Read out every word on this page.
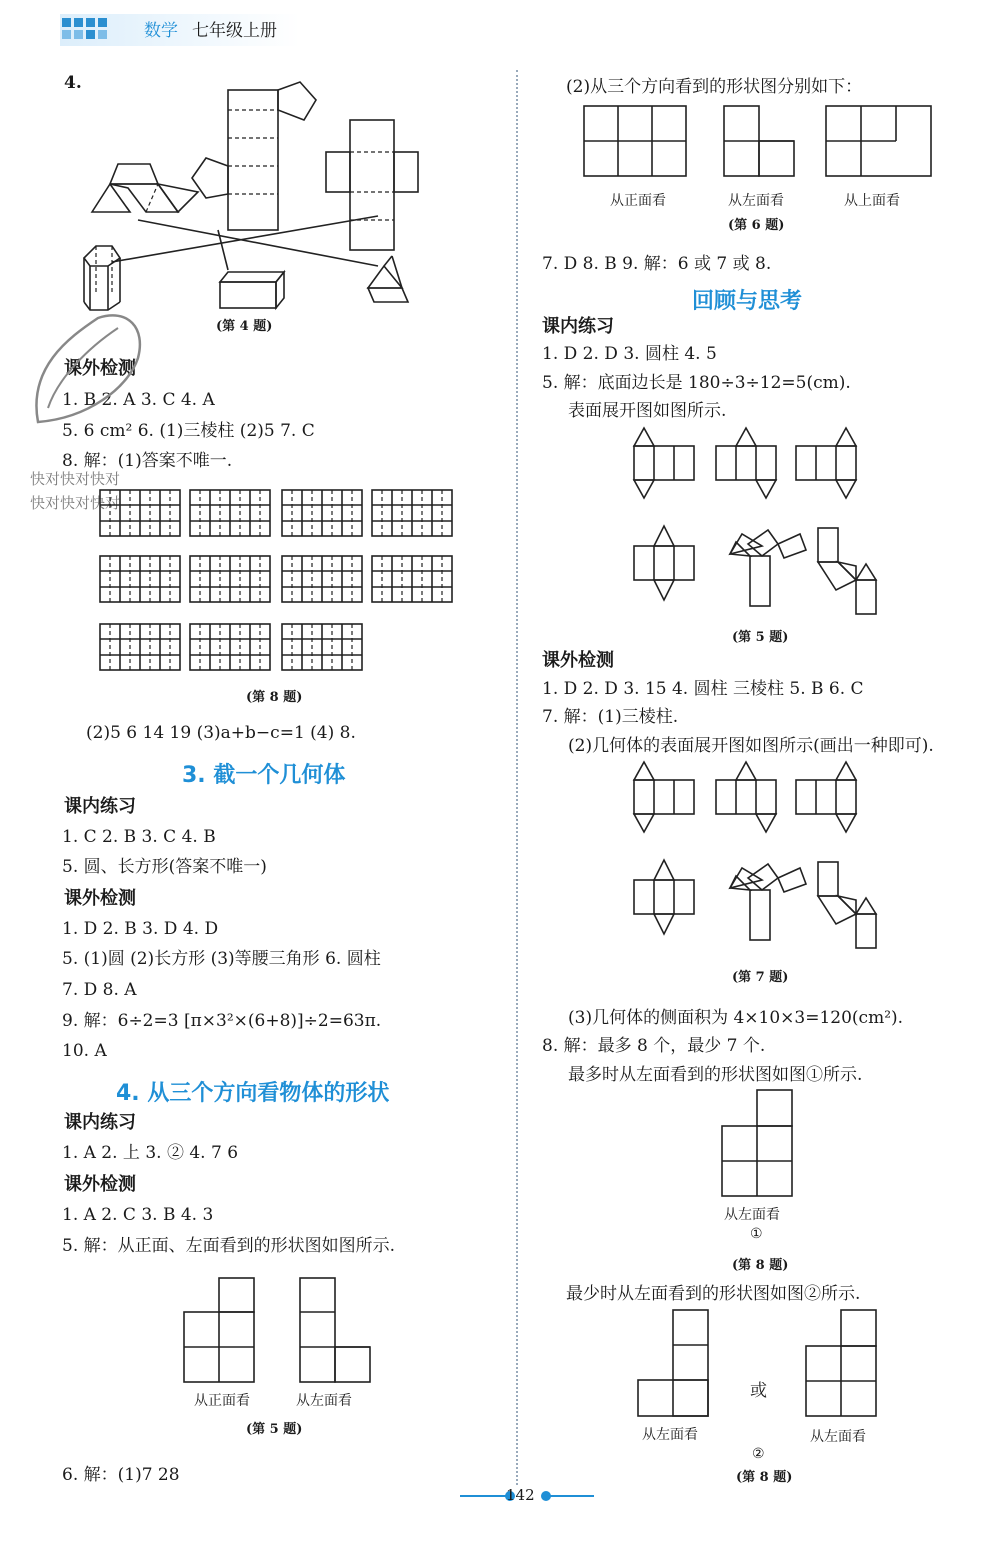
数学 七年级上册
4.
(第 4 题)
课外检测
1. B 2. A 3. C 4. A
5. 6 cm² 6. (1)三棱柱 (2)5 7. C
8. 解：(1)答案不唯一.
快对快对快对
快对快对快对
(第 8 题)
(2)5 6 14 19 (3)a+b−c=1 (4) 8.
3. 截一个几何体
课内练习
1. C 2. B 3. C 4. B
5. 圆、长方形(答案不唯一)
课外检测
1. D 2. B 3. D 4. D
5. (1)圆 (2)长方形 (3)等腰三角形 6. 圆柱
7. D 8. A
9. 解：6÷2=3 [π×3²×(6+8)]÷2=63π.
10. A
4. 从三个方向看物体的形状
课内练习
1. A 2. 上 3. ② 4. 7 6
课外检测
1. A 2. C 3. B 4. 3
5. 解：从正面、左面看到的形状图如图所示.
从正面看	从左面看
(第 5 题)
6. 解：(1)7 28
(2)从三个方向看到的形状图分别如下：
从正面看	从左面看	从上面看
(第 6 题)
7. D 8. B 9. 解：6 或 7 或 8.
回顾与思考
课内练习
1. D 2. D 3. 圆柱 4. 5
5. 解：底面边长是 180÷3÷12=5(cm).
表面展开图如图所示.
(第 5 题)
课外检测
1. D 2. D 3. 15 4. 圆柱 三棱柱 5. B 6. C
7. 解：(1)三棱柱.
(2)几何体的表面展开图如图所示(画出一种即可).
(第 7 题)
(3)几何体的侧面积为 4×10×3=120(cm²).
8. 解：最多 8 个，最少 7 个.
最多时从左面看到的形状图如图①所示.
从左面看
①
(第 8 题)
最少时从左面看到的形状图如图②所示.
从左面看
或
从左面看
②
(第 8 题)
142
